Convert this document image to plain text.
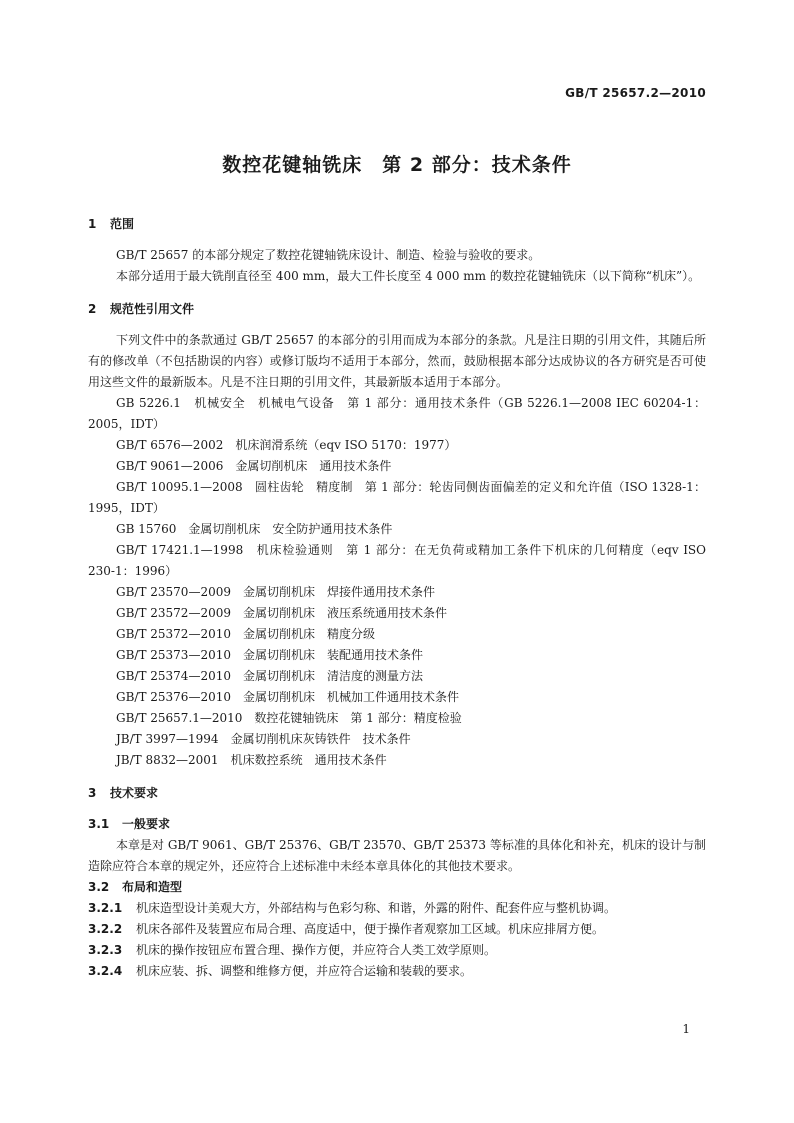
GB/T 25657.2—2010
数控花键轴铣床　第 2 部分：技术条件
1 范围

GB/T 25657 的本部分规定了数控花键轴铣床设计、制造、检验与验收的要求。

本部分适用于最大铣削直径至 400 mm，最大工件长度至 4 000 mm 的数控花键轴铣床（以下简称“机床”）。

2 规范性引用文件

下列文件中的条款通过 GB/T 25657 的本部分的引用而成为本部分的条款。凡是注日期的引用文件，其随后所有的修改单（不包括勘误的内容）或修订版均不适用于本部分，然而，鼓励根据本部分达成协议的各方研究是否可使用这些文件的最新版本。凡是不注日期的引用文件，其最新版本适用于本部分。

GB 5226.1　机械安全　机械电气设备　第 1 部分：通用技术条件（GB 5226.1—2008 IEC 60204-1：2005，IDT）

GB/T 6576—2002　机床润滑系统（eqv ISO 5170：1977）

GB/T 9061—2006　金属切削机床　通用技术条件

GB/T 10095.1—2008　圆柱齿轮　精度制　第 1 部分：轮齿同侧齿面偏差的定义和允许值（ISO 1328-1：1995，IDT）

GB 15760　金属切削机床　安全防护通用技术条件

GB/T 17421.1—1998　机床检验通则　第 1 部分：在无负荷或精加工条件下机床的几何精度（eqv ISO 230-1：1996）

GB/T 23570—2009　金属切削机床　焊接件通用技术条件

GB/T 23572—2009　金属切削机床　液压系统通用技术条件

GB/T 25372—2010　金属切削机床　精度分级

GB/T 25373—2010　金属切削机床　装配通用技术条件

GB/T 25374—2010　金属切削机床　清洁度的测量方法

GB/T 25376—2010　金属切削机床　机械加工件通用技术条件

GB/T 25657.1—2010　数控花键轴铣床　第 1 部分：精度检验

JB/T 3997—1994　金属切削机床灰铸铁件　技术条件

JB/T 8832—2001　机床数控系统　通用技术条件

3 技术要求
3.1 一般要求

本章是对 GB/T 9061、GB/T 25376、GB/T 23570、GB/T 25373 等标准的具体化和补充，机床的设计与制造除应符合本章的规定外，还应符合上述标准中未经本章具体化的其他技术要求。

3.2 布局和造型

3.2.1 机床造型设计美观大方，外部结构与色彩匀称、和谐，外露的附件、配套件应与整机协调。

3.2.2 机床各部件及装置应布局合理、高度适中，便于操作者观察加工区域。机床应排屑方便。

3.2.3 机床的操作按钮应布置合理、操作方便，并应符合人类工效学原则。

3.2.4 机床应装、拆、调整和维修方便，并应符合运输和装载的要求。

1
